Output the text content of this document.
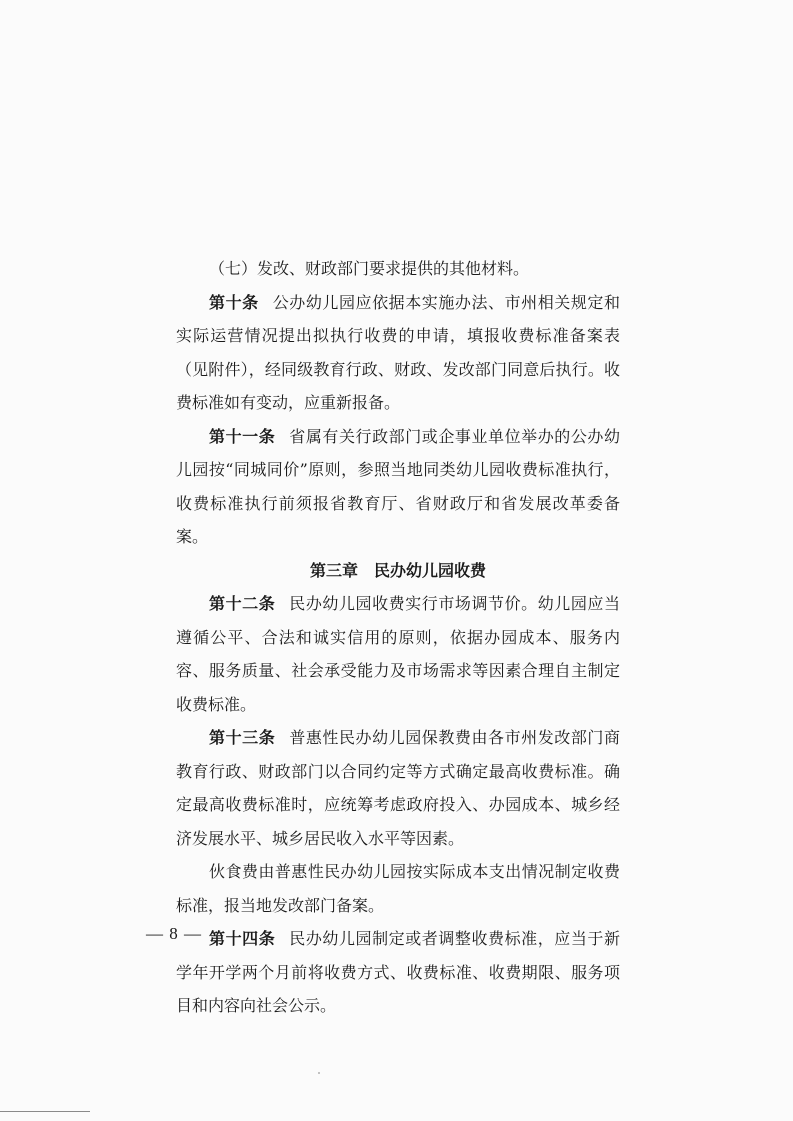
（七）发改、财政部门要求提供的其他材料。

第十条 公办幼儿园应依据本实施办法、市州相关规定和实际运营情况提出拟执行收费的申请，填报收费标准备案表（见附件），经同级教育行政、财政、发改部门同意后执行。收费标准如有变动，应重新报备。

第十一条 省属有关行政部门或企事业单位举办的公办幼儿园按“同城同价”原则，参照当地同类幼儿园收费标准执行，收费标准执行前须报省教育厅、省财政厅和省发展改革委备案。

第三章 民办幼儿园收费

第十二条 民办幼儿园收费实行市场调节价。幼儿园应当遵循公平、合法和诚实信用的原则，依据办园成本、服务内容、服务质量、社会承受能力及市场需求等因素合理自主制定收费标准。

第十三条 普惠性民办幼儿园保教费由各市州发改部门商教育行政、财政部门以合同约定等方式确定最高收费标准。确定最高收费标准时，应统筹考虑政府投入、办园成本、城乡经济发展水平、城乡居民收入水平等因素。

伙食费由普惠性民办幼儿园按实际成本支出情况制定收费标准，报当地发改部门备案。

第十四条 民办幼儿园制定或者调整收费标准，应当于新学年开学两个月前将收费方式、收费标准、收费期限、服务项目和内容向社会公示。

— 8 —
